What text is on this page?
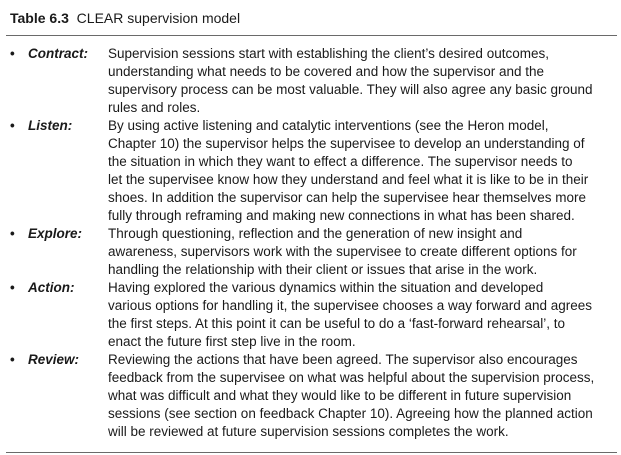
Table 6.3 CLEAR supervision model
• Contract: Supervision sessions start with establishing the client’s desired outcomes,
understanding what needs to be covered and how the supervisor and the
supervisory process can be most valuable. They will also agree any basic ground
rules and roles.
• Listen:	By using active listening and catalytic interventions (see the Heron model,
Chapter 10) the supervisor helps the supervisee to develop an understanding of
the situation in which they want to effect a difference. The supervisor needs to
let the supervisee know how they understand and feel what it is like to be in their
shoes. In addition the supervisor can help the supervisee hear themselves more
fully through reframing and making new connections in what has been shared.
• Explore: Through questioning, reflection and the generation of new insight and
awareness, supervisors work with the supervisee to create different options for
handling the relationship with their client or issues that arise in the work.
• Action: Having explored the various dynamics within the situation and developed
various options for handling it, the supervisee chooses a way forward and agrees
the first steps. At this point it can be useful to do a ‘fast-forward rehearsal’, to
enact the future first step live in the room.
• Review: Reviewing the actions that have been agreed. The supervisor also encourages
feedback from the supervisee on what was helpful about the supervision process,
what was difficult and what they would like to be different in future supervision
sessions (see section on feedback Chapter 10). Agreeing how the planned action
will be reviewed at future supervision sessions completes the work.
